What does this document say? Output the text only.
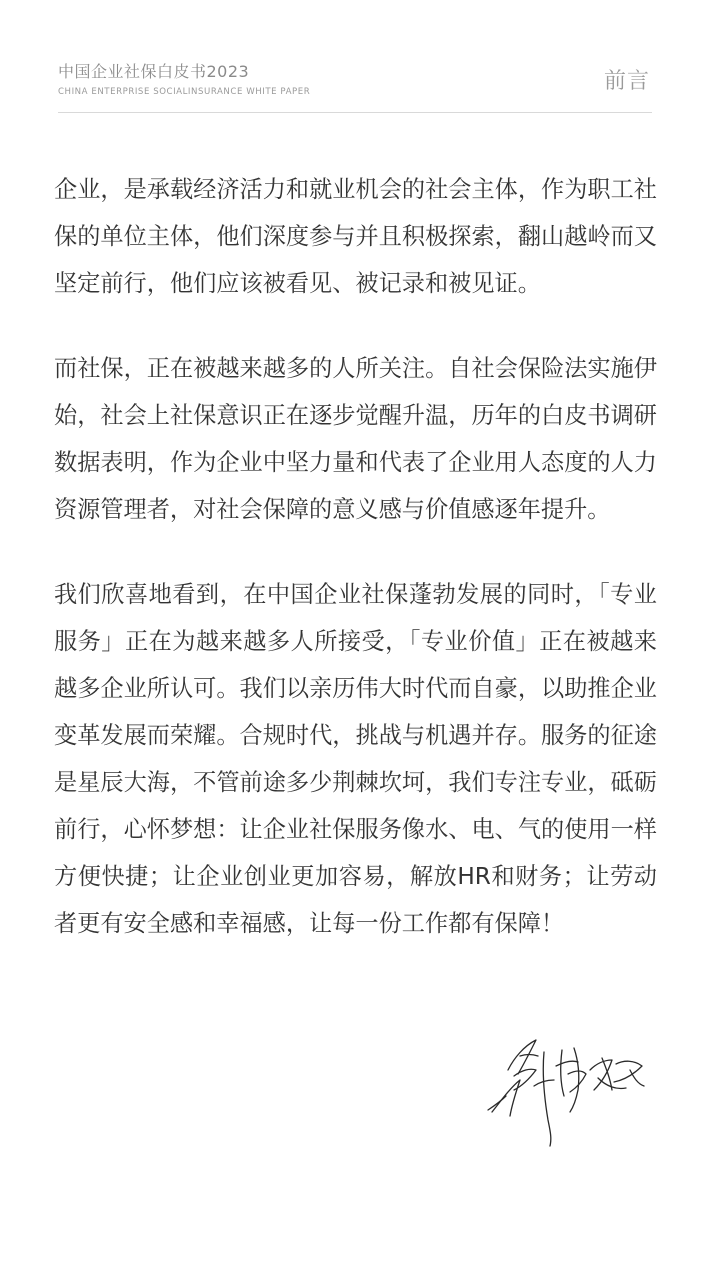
中国企业社保白皮书2023
CHINA ENTERPRISE SOCIALINSURANCE WHITE PAPER	前言

企业，是承载经济活力和就业机会的社会主体，作为职工社保的单位主体，他们深度参与并且积极探索，翻山越岭而又坚定前行，他们应该被看见、被记录和被见证。

而社保，正在被越来越多的人所关注。自社会保险法实施伊始，社会上社保意识正在逐步觉醒升温，历年的白皮书调研数据表明，作为企业中坚力量和代表了企业用人态度的人力资源管理者，对社会保障的意义感与价值感逐年提升。

我们欣喜地看到，在中国企业社保蓬勃发展的同时，「专业服务」正在为越来越多人所接受，「专业价值」正在被越来越多企业所认可。我们以亲历伟大时代而自豪，以助推企业变革发展而荣耀。合规时代，挑战与机遇并存。服务的征途是星辰大海，不管前途多少荆棘坎坷，我们专注专业，砥砺前行，心怀梦想：让企业社保服务像水、电、气的使用一样方便快捷；让企业创业更加容易，解放HR和财务；让劳动者更有安全感和幸福感，让每一份工作都有保障！
